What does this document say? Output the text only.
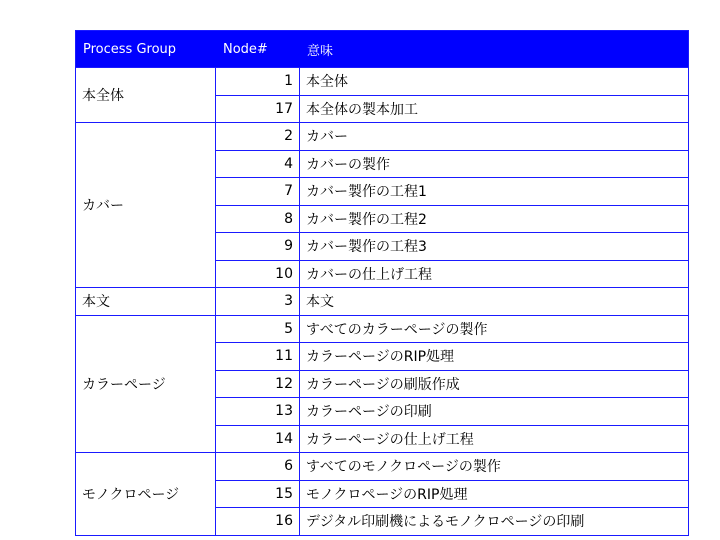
Process Group	Node#	意味
本全体
1 本全体
17 本全体の製本加工
カバー
2 カバー
4 カバーの製作
7 カバー製作の工程1
8 カバー製作の工程2
9 カバー製作の工程3
10 カバーの仕上げ工程
本文	3 本文
カラーページ
5 すべてのカラーページの製作
11 カラーページのRIP処理
12 カラーページの刷版作成
13 カラーページの印刷
14 カラーページの仕上げ工程
モノクロページ
6 すべてのモノクロページの製作
15 モノクロページのRIP処理
16 デジタル印刷機によるモノクロページの印刷
